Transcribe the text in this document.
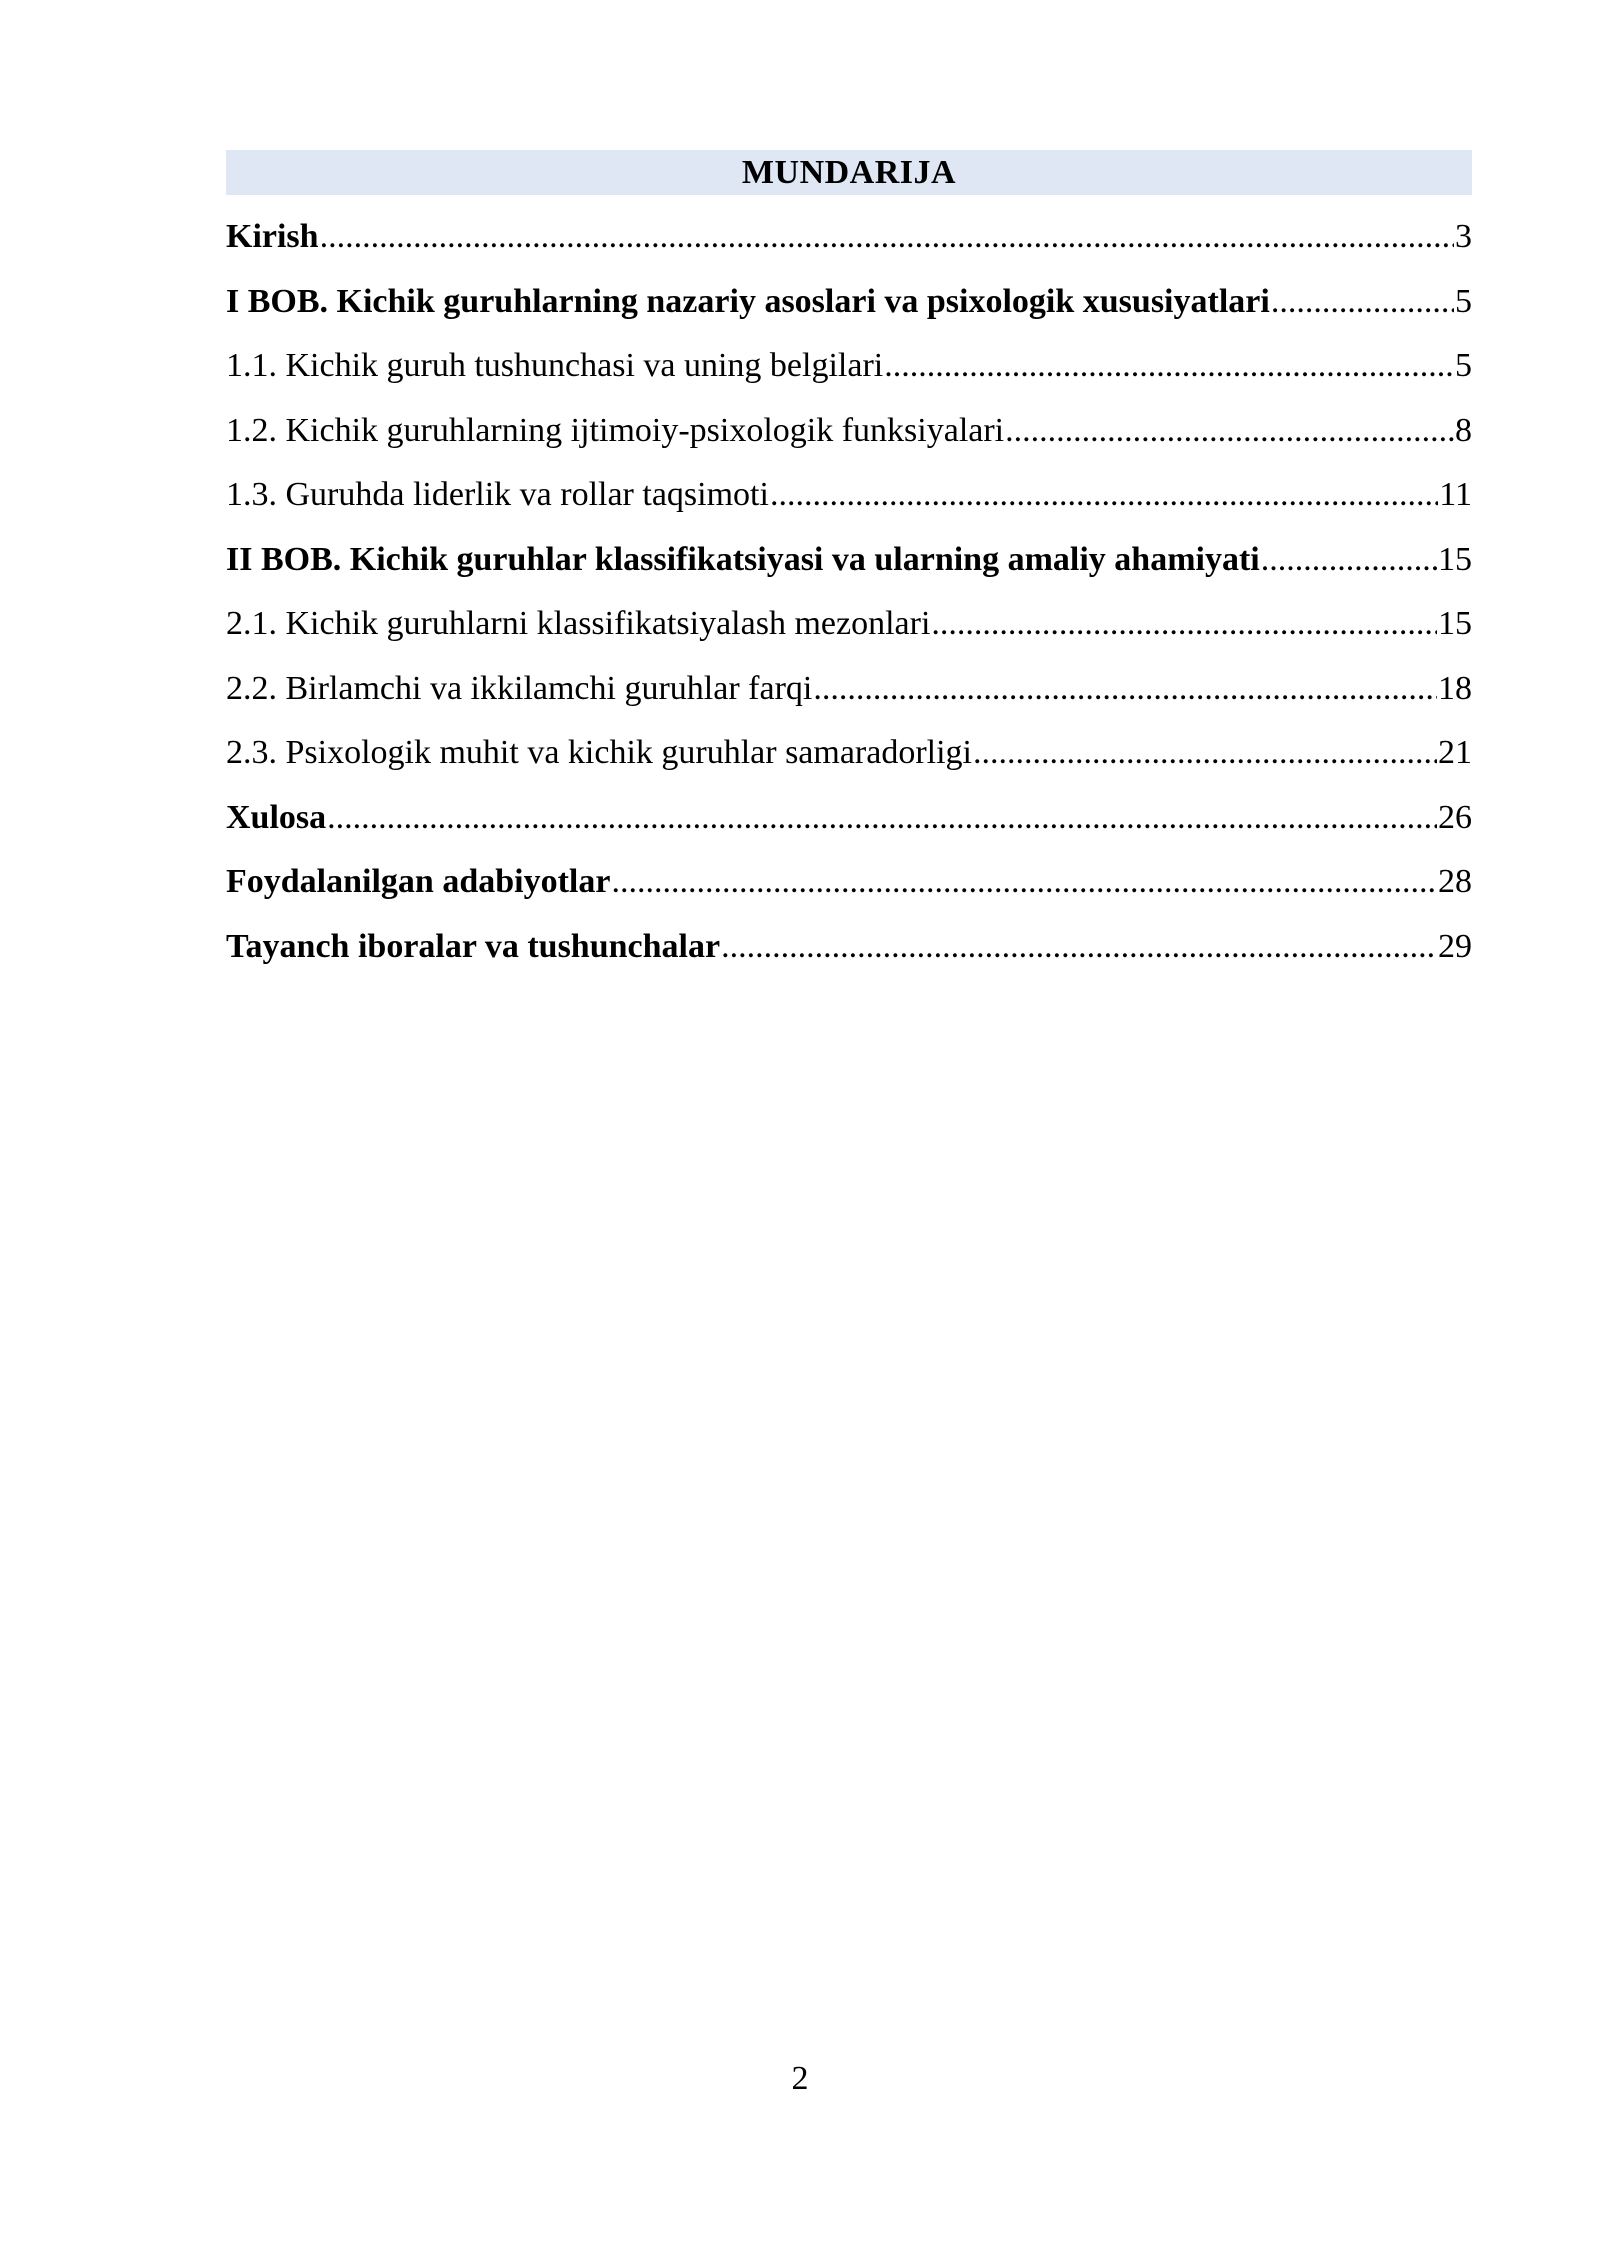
MUNDARIJA
Kirish .....	3
I BOB. Kichik guruhlarning nazariy asoslari va psixologik xususiyatlari .....	5
1.1. Kichik guruh tushunchasi va uning belgilari .....	5
1.2. Kichik guruhlarning ijtimoiy-psixologik funksiyalari .....	8
1.3. Guruhda liderlik va rollar taqsimoti .....	11
II BOB. Kichik guruhlar klassifikatsiyasi va ularning amaliy ahamiyati .....	15
2.1. Kichik guruhlarni klassifikatsiyalash mezonlari .....	15
2.2. Birlamchi va ikkilamchi guruhlar farqi .....	18
2.3. Psixologik muhit va kichik guruhlar samaradorligi .....	21
Xulosa .....	26
Foydalanilgan adabiyotlar .....	28
Tayanch iboralar va tushunchalar .....	29
2
